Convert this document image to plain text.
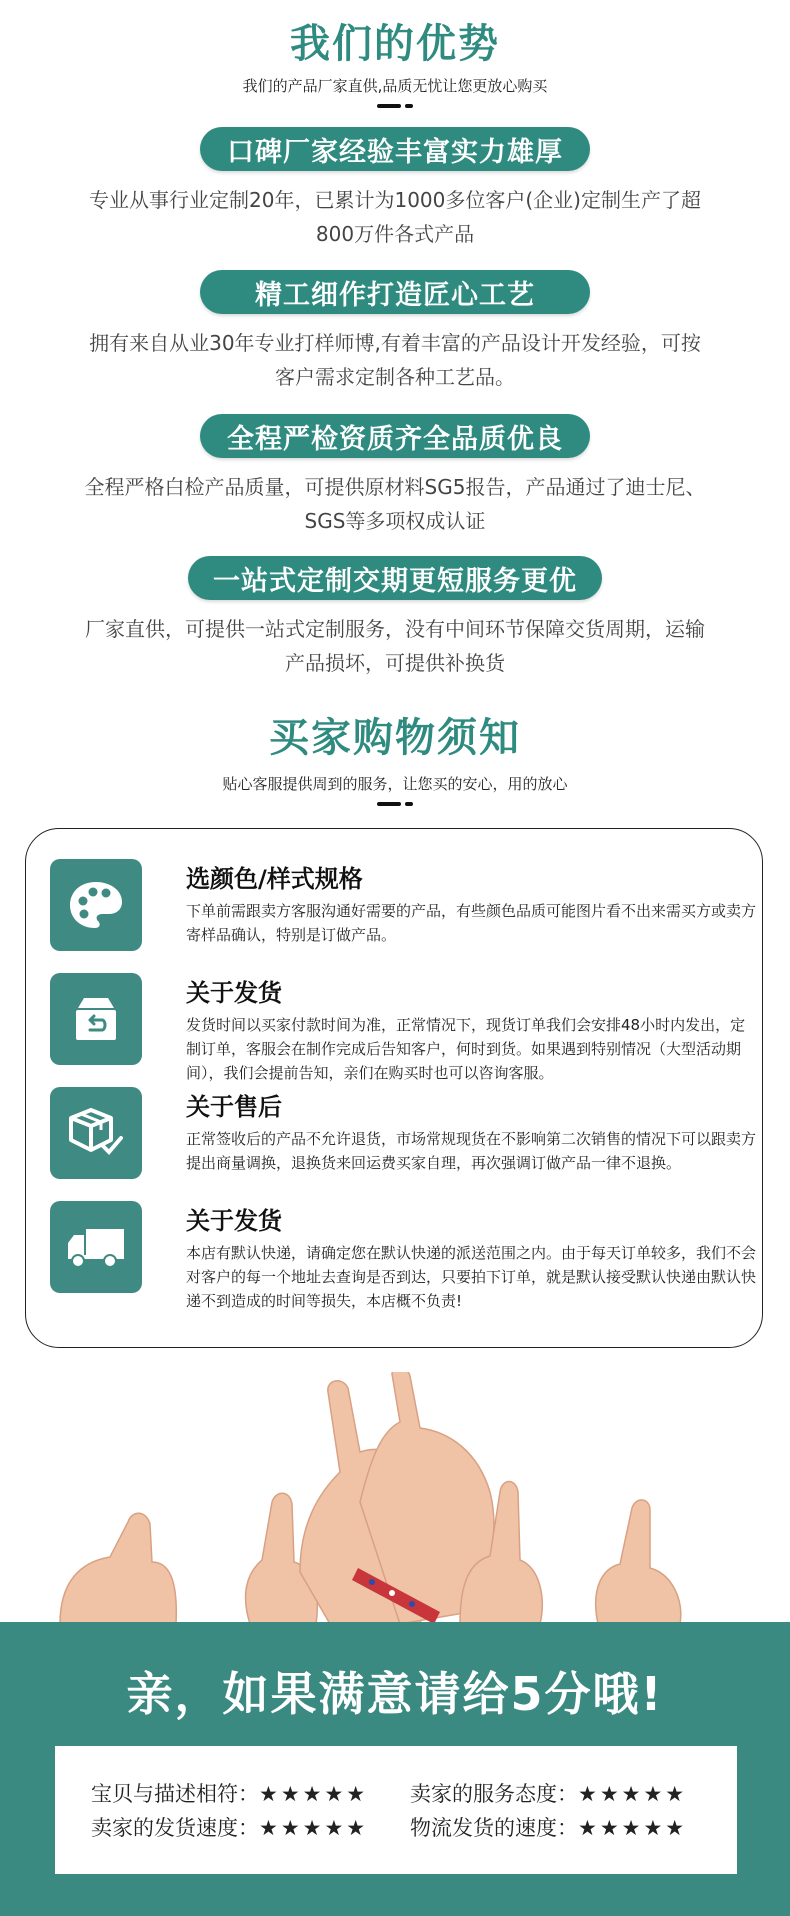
我们的优势
我们的产品厂家直供,品质无忧让您更放心购买
口碑厂家经验丰富实力雄厚
专业从事行业定制20年，已累计为1000多位客户(企业)定制生产了超
800万件各式产品
精工细作打造匠心工艺
拥有来自从业30年专业打样师博,有着丰富的产品设计开发经验，可按
客户需求定制各种工艺品。
全程严检资质齐全品质优良
全程严格白检产品质量，可提供原材料SG5报告，产品通过了迪士尼、
SGS等多项权成认证
一站式定制交期更短服务更优
厂家直供，可提供一站式定制服务，没有中间环节保障交货周期，运输
产品损坏，可提供补换货
买家购物须知
贴心客服提供周到的服务，让您买的安心，用的放心
选颜色/样式规格
下单前需跟卖方客服沟通好需要的产品，有些颜色品质可能图片看不出来需买方或卖方寄样品确认，特别是订做产品。
关于发货
发货时间以买家付款时间为准，正常情况下，现货订单我们会安排48小时内发出，定制订单，客服会在制作完成后告知客户，何时到货。如果遇到特别情况（大型活动期间），我们会提前告知，亲们在购买时也可以咨询客服。
关于售后
正常签收后的产品不允许退货，市场常规现货在不影响第二次销售的情况下可以跟卖方提出商量调换，退换货来回运费买家自理，再次强调订做产品一律不退换。
关于发货
本店有默认快递，请确定您在默认快递的派送范围之内。由于每天订单较多，我们不会对客户的每一个地址去查询是否到达，只要拍下订单，就是默认接受默认快递由默认快递不到造成的时间等损失，本店概不负责!
亲，如果满意请给5分哦!
宝贝与描述相符：★★★★★ 卖家的服务态度：★★★★★
卖家的发货速度：★★★★★ 物流发货的速度：★★★★★
